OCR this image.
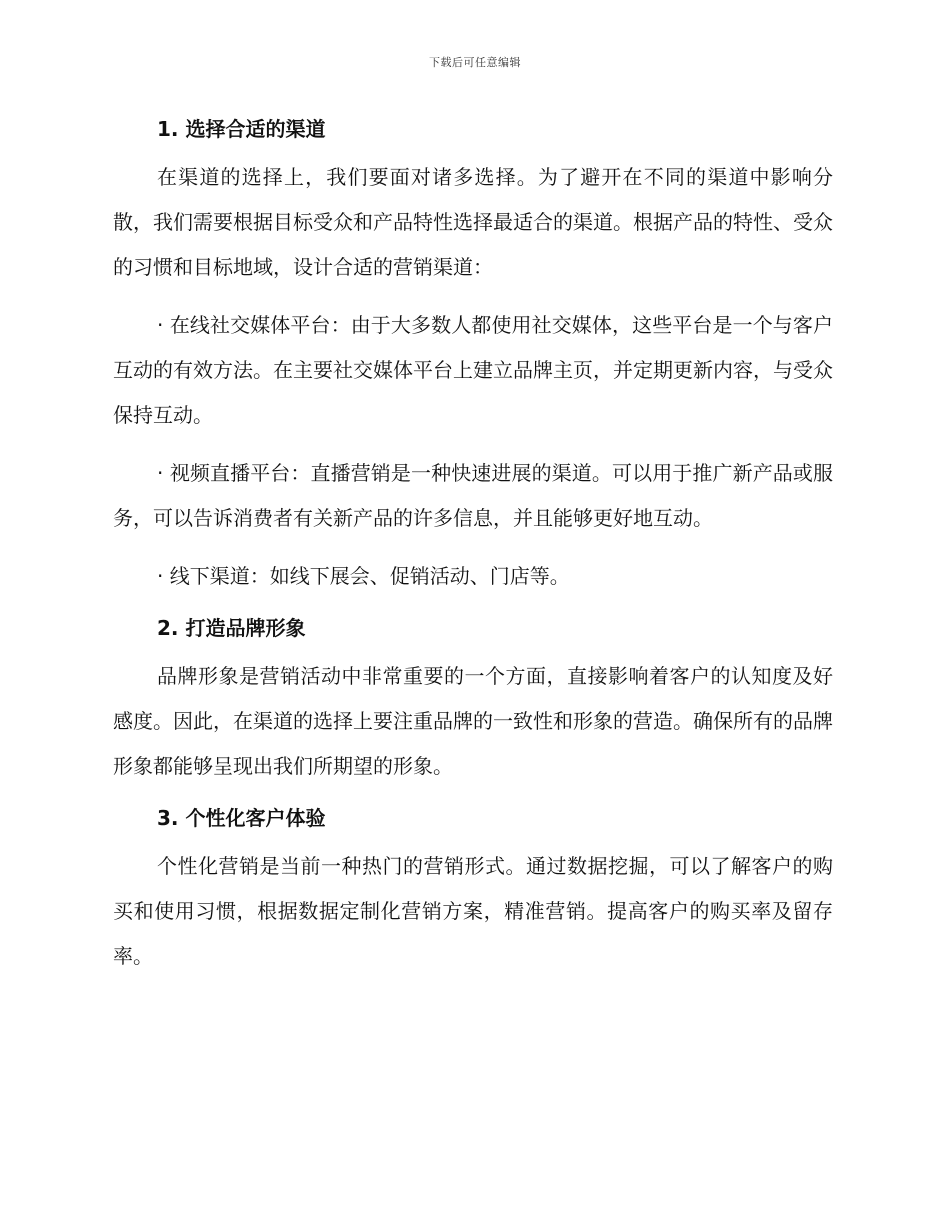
下载后可任意编辑
1. 选择合适的渠道

在渠道的选择上，我们要面对诸多选择。为了避开在不同的渠道中影响分散，我们需要根据目标受众和产品特性选择最适合的渠道。根据产品的特性、受众的习惯和目标地域，设计合适的营销渠道：

· 在线社交媒体平台：由于大多数人都使用社交媒体，这些平台是一个与客户互动的有效方法。在主要社交媒体平台上建立品牌主页，并定期更新内容，与受众保持互动。

· 视频直播平台：直播营销是一种快速进展的渠道。可以用于推广新产品或服务，可以告诉消费者有关新产品的许多信息，并且能够更好地互动。

· 线下渠道：如线下展会、促销活动、门店等。

2. 打造品牌形象

品牌形象是营销活动中非常重要的一个方面，直接影响着客户的认知度及好感度。因此，在渠道的选择上要注重品牌的一致性和形象的营造。确保所有的品牌形象都能够呈现出我们所期望的形象。

3. 个性化客户体验

个性化营销是当前一种热门的营销形式。通过数据挖掘，可以了解客户的购买和使用习惯，根据数据定制化营销方案，精准营销。提高客户的购买率及留存率。
